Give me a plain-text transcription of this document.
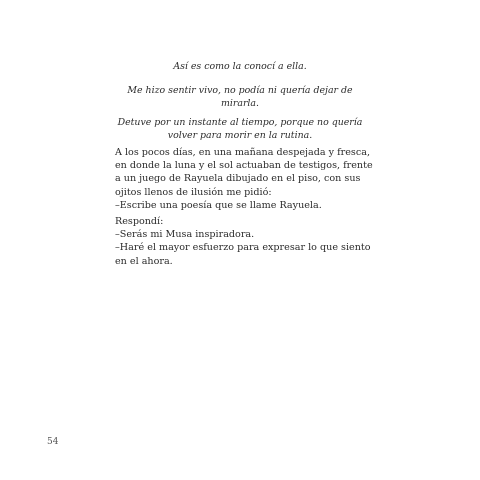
Así es como la conocí a ella.

Me hizo sentir vivo, no podía ni quería dejar de
mirarla.

Detuve por un instante al tiempo, porque no quería
volver para morir en la rutina.

A los pocos días, en una mañana despejada y fresca,
en donde la luna y el sol actuaban de testigos, frente
a un juego de Rayuela dibujado en el piso, con sus
ojitos llenos de ilusión me pidió:
–Escribe una poesía que se llame Rayuela.

Respondí:
–Serás mi Musa inspiradora.
–Haré el mayor esfuerzo para expresar lo que siento
en el ahora.

54
